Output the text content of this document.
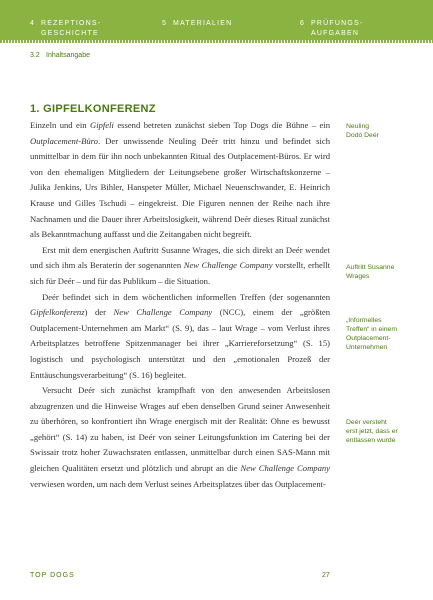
4 REZEPTIONS-
GESCHICHTE
5 MATERIALIEN	6 PRÜFUNGS-
AUFGABEN
3.2 Inhaltsangabe
1. GIPFELKONFERENZ

Einzeln und ein Gipfeli essend betreten zunächst sieben Top Dogs die Bühne – ein Outplacement-Büro. Der unwissende Neuling Deér tritt hinzu und befindet sich unmittelbar in dem für ihn noch unbekannten Ritual des Outplacement-Büros. Er wird von den ehemaligen Mitgliedern der Leitungsebene großer Wirtschaftskonzerne – Julika Jenkins, Urs Bihler, Hanspeter Müller, Michael Neuenschwander, E. Heinrich Krause und Gilles Tschudi – eingekreist. Die Figuren nennen der Reihe nach ihre Nachnamen und die Dauer ihrer Arbeitslosigkeit, während Deér dieses Ritual zunächst als Bekanntmachung auffasst und die Zeitangaben nicht begreift.

Erst mit dem energischen Auftritt Susanne Wrages, die sich direkt an Deér wendet und sich ihm als Beraterin der sogenannten New Challenge Company vorstellt, erhellt sich für Deér – und für das Publikum – die Situation.

Deér befindet sich in dem wöchentlichen informellen Treffen (der sogenannten Gipfelkonferenz) der New Challenge Company (NCC), einem der „größten Outplacement-Unternehmen am Markt“ (S. 9), das – laut Wrage – vom Verlust ihres Arbeitsplatzes betroffene Spitzenmanager bei ihrer „Karriereforsetzung“ (S. 15) logistisch und psychologisch unterstützt und den „emotionalen Prozeß der Enttäuschungsverarbeitung“ (S. 16) begleitet.

Versucht Deér sich zunächst krampfhaft von den anwesenden Arbeitslosen abzugrenzen und die Hinweise Wrages auf eben denselben Grund seiner Anwesenheit zu überhören, so konfrontiert ihn Wrage energisch mit der Realität: Ohne es bewusst „gehört“ (S. 14) zu haben, ist Deér von seiner Leitungsfunktion im Catering bei der Swissair trotz hoher Zuwachsraten entlassen, unmittelbar durch einen SAS-Mann mit gleichen Qualitäten ersetzt und plötzlich und abrupt an die New Challenge Company verwiesen worden, um nach dem Verlust seines Arbeitsplatzes über das Outplacement-

Neuling
Dodó Deér
Auftritt Susanne
Wrages
„Informelles
Treffen“ in einem
Outplacement-Unternehmen
Deér versteht
erst jetzt, dass er
entlassen wurde
TOP DOGS	27
